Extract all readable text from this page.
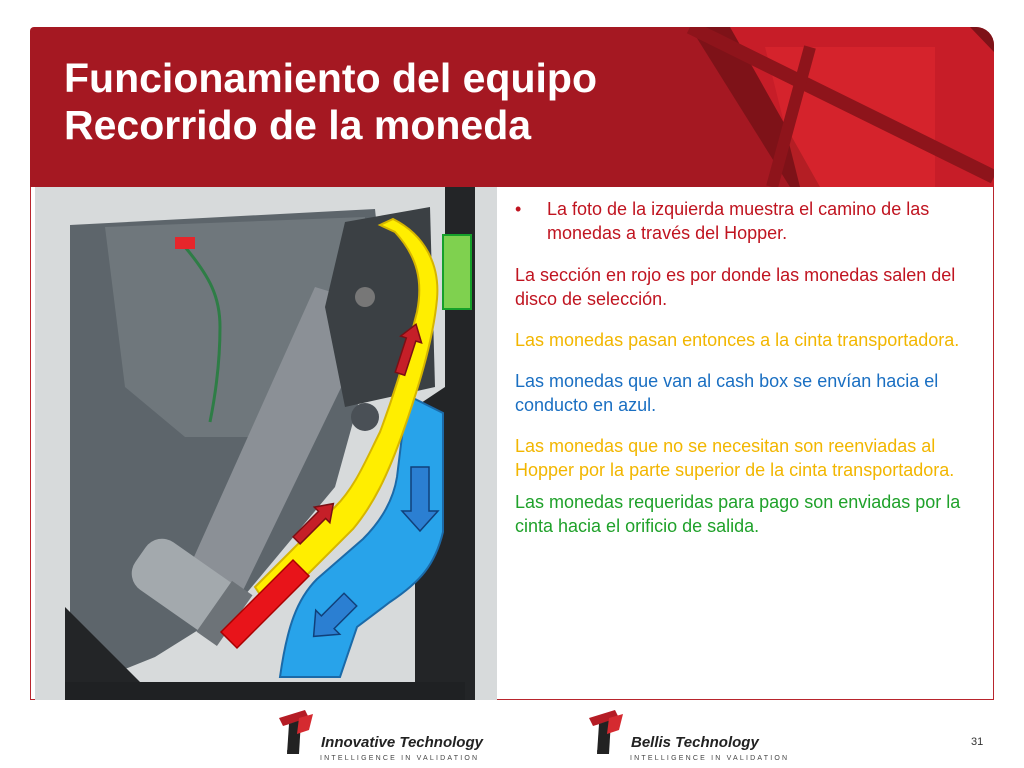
Funcionamiento del equipo
Recorrido de la moneda
•	La foto de la izquierda muestra el camino de las monedas a través del Hopper.

La sección en rojo es por donde las monedas salen del disco de selección.

Las monedas pasan entonces a la cinta transportadora.

Las monedas que van al cash box se envían hacia el conducto en azul.

Las monedas que no se necesitan son reenviadas al Hopper por la parte superior de la cinta transportadora.

Las monedas requeridas para pago son enviadas por la cinta hacia el orificio de salida.

®
Innovative Technology
INTELLIGENCE IN VALIDATION
®
Bellis Technology
INTELLIGENCE IN VALIDATION
31
